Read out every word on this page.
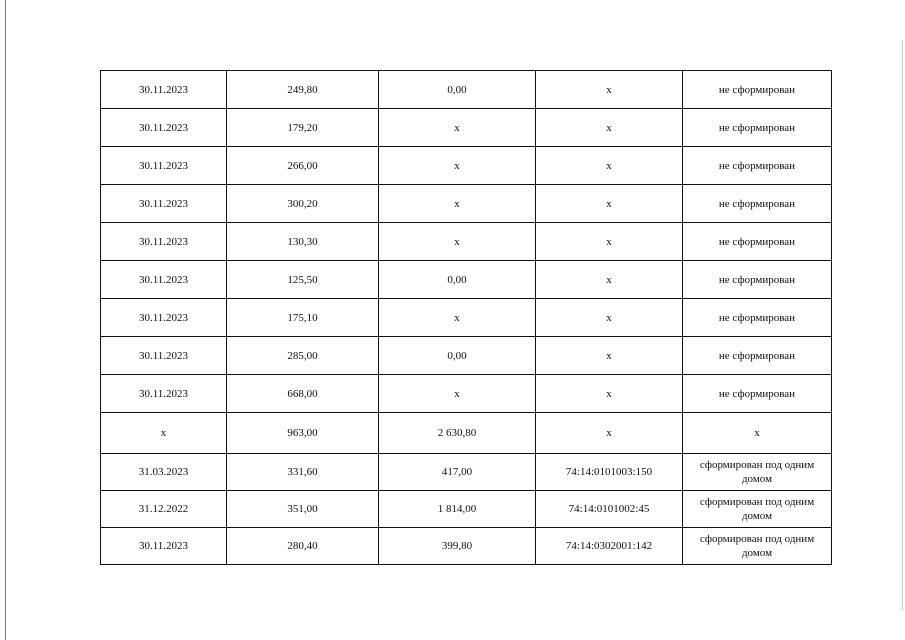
30.11.2023	249,80	0,00	х	не сформирован
30.11.2023	179,20	х	х	не сформирован
30.11.2023	266,00	х	х	не сформирован
30.11.2023	300,20	х	х	не сформирован
30.11.2023	130,30	х	х	не сформирован
30.11.2023	125,50	0,00	х	не сформирован
30.11.2023	175,10	х	х	не сформирован
30.11.2023	285,00	0,00	х	не сформирован
30.11.2023	668,00	х	х	не сформирован
х	963,00	2 630,80	х	х
31.03.2023	331,60	417,00	74:14:0101003:150	сформирован под одним домом
31.12.2022	351,00	1 814,00	74:14:0101002:45	сформирован под одним домом
30.11.2023	280,40	399,80	74:14:0302001:142	сформирован под одним домом
